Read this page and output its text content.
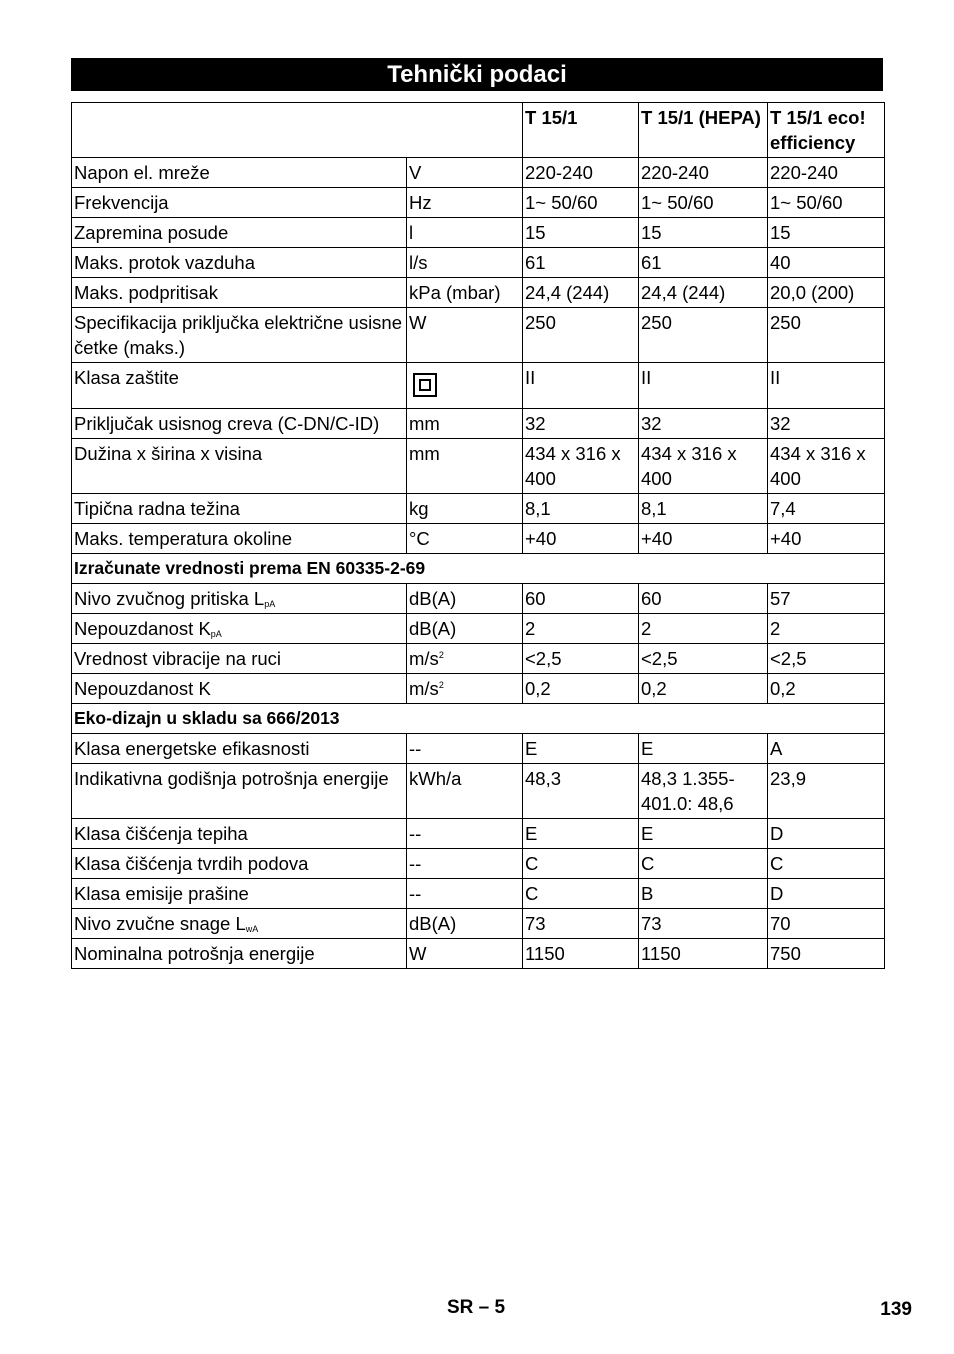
Tehnički podaci
		T 15/1	T 15/1 (HEPA)	T 15/1 eco! efficiency
Napon el. mreže	V	220-240	220-240	220-240
Frekvencija	Hz	1~ 50/60	1~ 50/60	1~ 50/60
Zapremina posude	l	15	15	15
Maks. protok vazduha	l/s	61	61	40
Maks. podpritisak	kPa (mbar)	24,4 (244)	24,4 (244)	20,0 (200)
Specifikacija priključka električne usisne četke (maks.)	W	250	250	250
Klasa zaštite		II	II	II
Priključak usisnog creva (C-DN/C-ID)	mm	32	32	32
Dužina x širina x visina	mm	434 x 316 x 400	434 x 316 x 400	434 x 316 x 400
Tipična radna težina	kg	8,1	8,1	7,4
Maks. temperatura okoline	°C	+40	+40	+40
Izračunate vrednosti prema EN 60335-2-69				
Nivo zvučnog pritiska $L_{pA}$	dB(A)	60	60	57
Nepouzdanost $K_{pA}$	dB(A)	2	2	2
Vrednost vibracije na ruci	$m/s^2$	<2,5	<2,5	<2,5
Nepouzdanost K	$m/s^2$	0,2	0,2	0,2
Eko-dizajn u skladu sa 666/2013				
Klasa energetske efikasnosti	--	E	E	A
Indikativna godišnja potrošnja energije	kWh/a	48,3	48,3 1.355-401.0: 48,6	23,9
Klasa čišćenja tepiha	--	E	E	D
Klasa čišćenja tvrdih podova	--	C	C	C
Klasa emisije prašine	--	C	B	D
Nivo zvučne snage $L_{wA}$	dB(A)	73	73	70
Nominalna potrošnja energije	W	1150	1150	750
SR – 5	139
